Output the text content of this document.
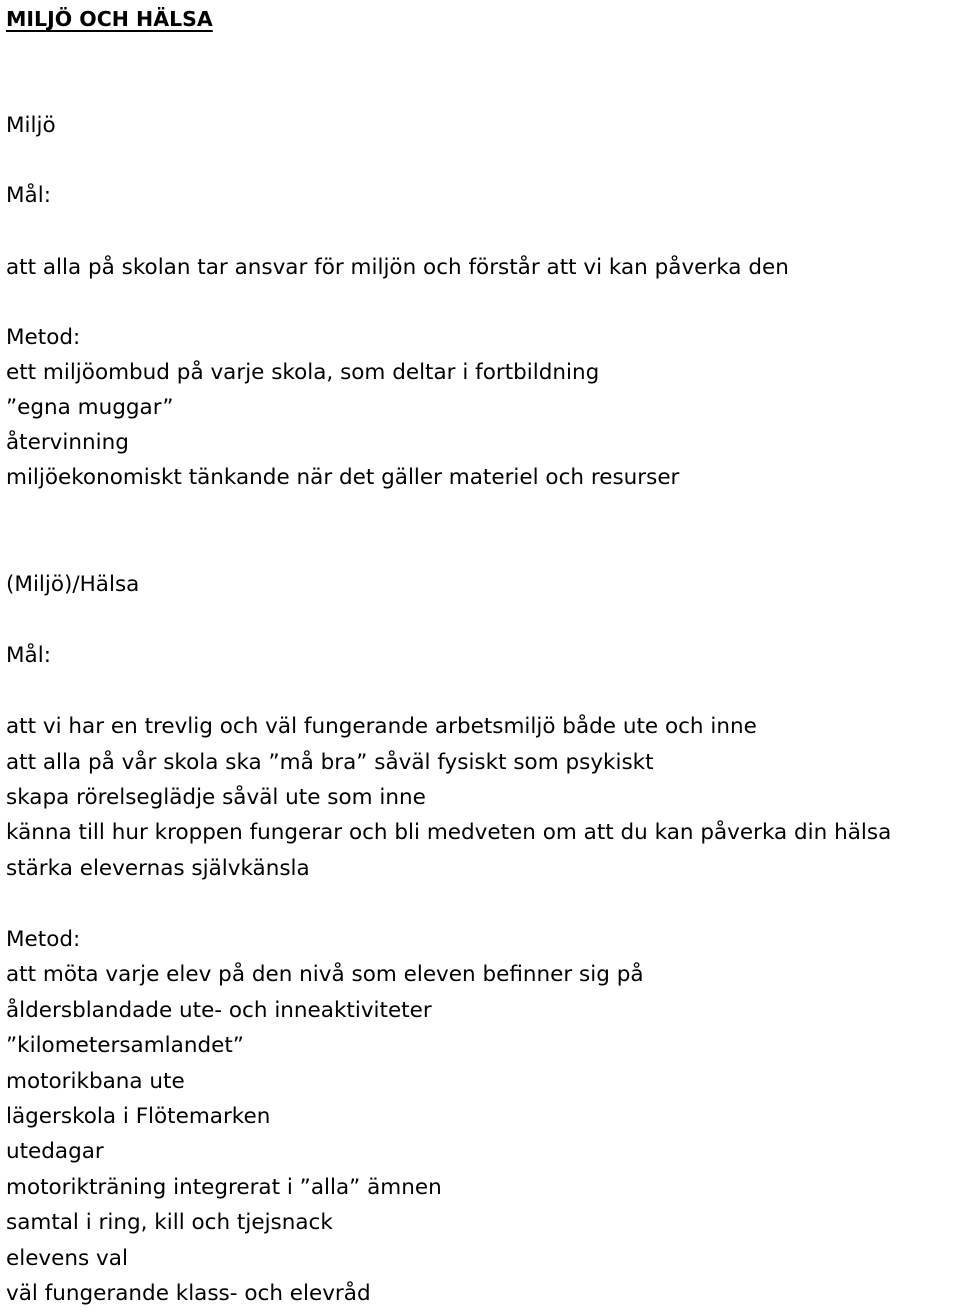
MILJÖ OCH HÄLSA

Miljö

Mål:

att alla på skolan tar ansvar för miljön och förstår att vi kan påverka den

Metod:

ett miljöombud på varje skola, som deltar i fortbildning

”egna muggar”

återvinning

miljöekonomiskt tänkande när det gäller materiel och resurser

(Miljö)/Hälsa

Mål:

att vi har en trevlig och väl fungerande arbetsmiljö både ute och inne

att alla på vår skola ska ”må bra” såväl fysiskt som psykiskt

skapa rörelseglädje såväl ute som inne

känna till hur kroppen fungerar och bli medveten om att du kan påverka din hälsa

stärka elevernas självkänsla

Metod:

att möta varje elev på den nivå som eleven befinner sig på

åldersblandade ute- och inneaktiviteter

”kilometersamlandet”

motorikbana ute

lägerskola i Flötemarken

utedagar

motorikträning integrerat i ”alla” ämnen

samtal i ring, kill och tjejsnack

elevens val

väl fungerande klass- och elevråd
